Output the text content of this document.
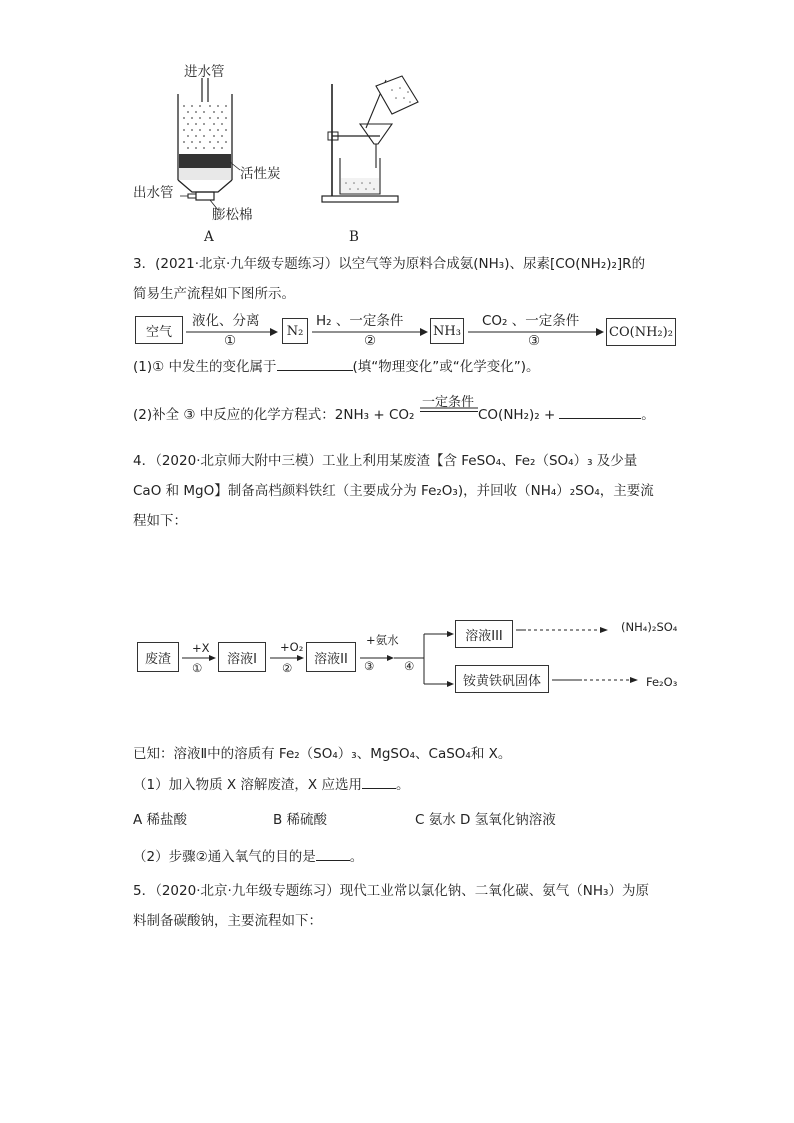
进水管
活性炭
出水管
膨松棉
A	B
3．(2021·北京·九年级专题练习）以空气等为原料合成氨(NH₃)、尿素[CO(NH₂)₂]R的
简易生产流程如下图所示。
空气
液化、分离
①
N₂
H₂ 、一定条件
②
NH₃
CO₂ 、一定条件
③
CO(NH₂)₂
(1)① 中发生的变化属于	(填“物理变化”或“化学变化”)。
(2)补全 ③ 中反应的化学方程式：2NH₃ + CO₂
一定条件
CO(NH₂)₂ +	。
4．（2020·北京师大附中三模）工业上利用某废渣【含 FeSO₄、Fe₂（SO₄）₃ 及少量
CaO 和 MgO】制备高档颜料铁红（主要成分为 Fe₂O₃)，并回收（NH₄）₂SO₄，主要流
程如下：
废渣
+X
①
溶液I
+O₂
②
溶液II
+氨水
③	④
溶液III
(NH₄)₂SO₄
铵黄铁矾固体	Fe₂O₃
已知：溶液Ⅱ中的溶质有 Fe₂（SO₄）₃、MgSO₄、CaSO₄和 X。
（1）加入物质 X 溶解废渣，X 应选用	。
A 稀盐酸	B 稀硫酸	C 氨水 D 氢氧化钠溶液
（2）步骤②通入氧气的目的是	。
5．（2020·北京·九年级专题练习）现代工业常以氯化钠、二氧化碳、氨气（NH₃）为原
料制备碳酸钠，主要流程如下：
